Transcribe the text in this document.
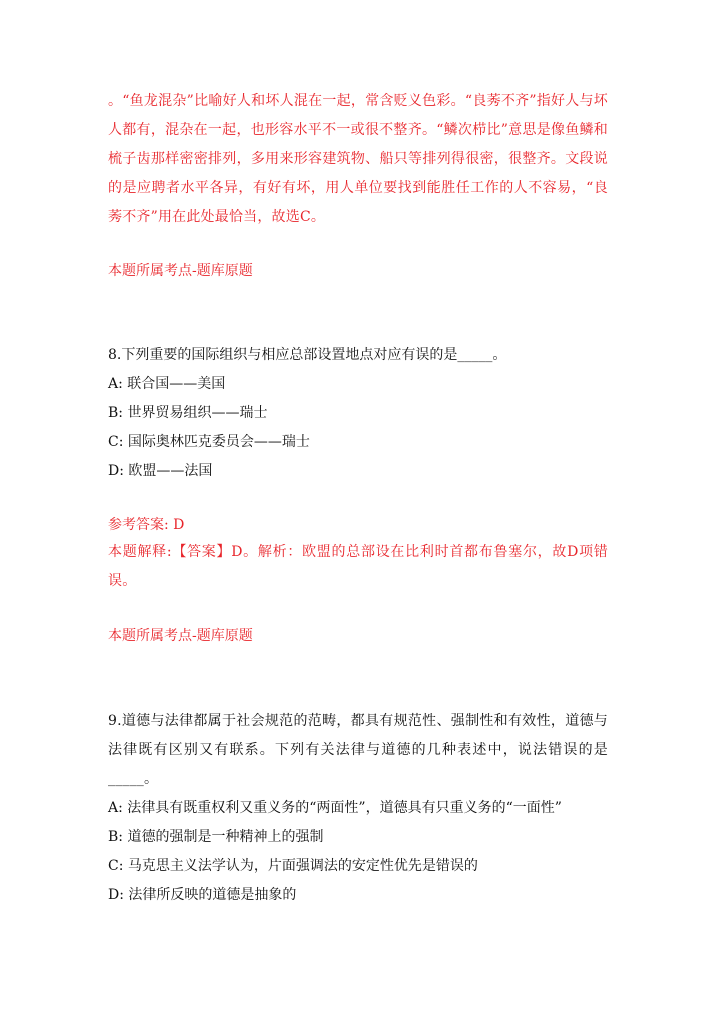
。“鱼龙混杂”比喻好人和坏人混在一起，常含贬义色彩。“良莠不齐”指好人与坏人都有，混杂在一起，也形容水平不一或很不整齐。“鳞次栉比”意思是像鱼鳞和梳子齿那样密密排列，多用来形容建筑物、船只等排列得很密，很整齐。文段说的是应聘者水平各异，有好有坏，用人单位要找到能胜任工作的人不容易，“良莠不齐”用在此处最恰当，故选C。

本题所属考点-题库原题

8.下列重要的国际组织与相应总部设置地点对应有误的是_____。

A: 联合国——美国

B: 世界贸易组织——瑞士

C: 国际奥林匹克委员会——瑞士

D: 欧盟——法国

参考答案: D

本题解释:【答案】D。解析：欧盟的总部设在比利时首都布鲁塞尔，故D项错误。

本题所属考点-题库原题

9.道德与法律都属于社会规范的范畴，都具有规范性、强制性和有效性，道德与法律既有区别又有联系。下列有关法律与道德的几种表述中，说法错误的是_____。

A: 法律具有既重权利又重义务的“两面性”，道德具有只重义务的“一面性”

B: 道德的强制是一种精神上的强制

C: 马克思主义法学认为，片面强调法的安定性优先是错误的

D: 法律所反映的道德是抽象的
